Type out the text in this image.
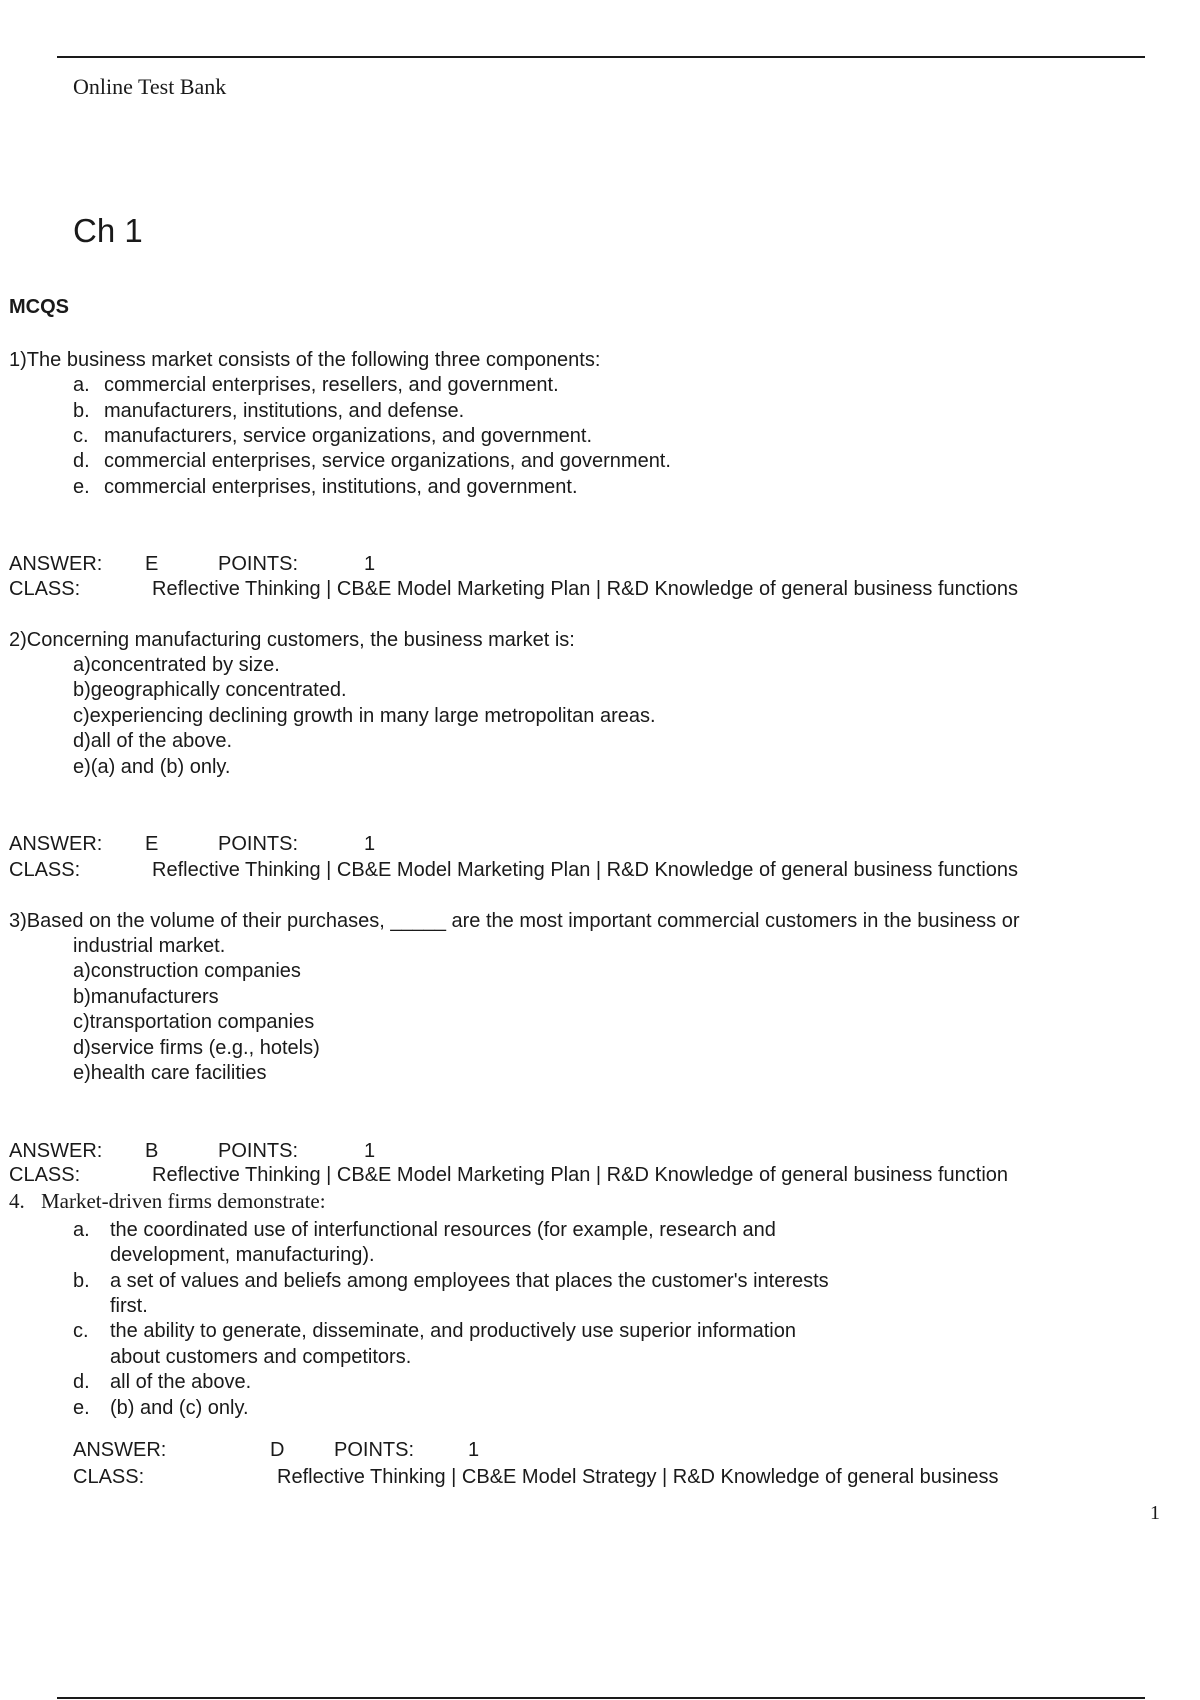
Online Test Bank
Ch 1
MCQS
1)The business market consists of the following three components:
a. commercial enterprises, resellers, and government.
b. manufacturers, institutions, and defense.
c. manufacturers, service organizations, and government.
d. commercial enterprises, service organizations, and government.
e. commercial enterprises, institutions, and government.
ANSWER: E	POINTS:	1
CLASS:	Reflective Thinking | CB&E Model Marketing Plan | R&D Knowledge of general business functions
2)Concerning manufacturing customers, the business market is:
a)concentrated by size.
b)geographically concentrated.
c)experiencing declining growth in many large metropolitan areas.
d)all of the above.
e)(a) and (b) only.
ANSWER: E	POINTS:	1
CLASS:	Reflective Thinking | CB&E Model Marketing Plan | R&D Knowledge of general business functions
3)Based on the volume of their purchases, _____ are the most important commercial customers in the business or
industrial market.
a)construction companies
b)manufacturers
c)transportation companies
d)service firms (e.g., hotels)
e)health care facilities
ANSWER: B	POINTS:	1
CLASS:	Reflective Thinking | CB&E Model Marketing Plan | R&D Knowledge of general business function
4. Market-driven firms demonstrate:
a. the coordinated use of interfunctional resources (for example, research and
development, manufacturing).
b. a set of values and beliefs among employees that places the customer's interests
first.
c. the ability to generate, disseminate, and productively use superior information
about customers and competitors.
d. all of the above.
e. (b) and (c) only.
ANSWER:	D POINTS:	1
CLASS:	Reflective Thinking | CB&E Model Strategy | R&D Knowledge of general business
1
